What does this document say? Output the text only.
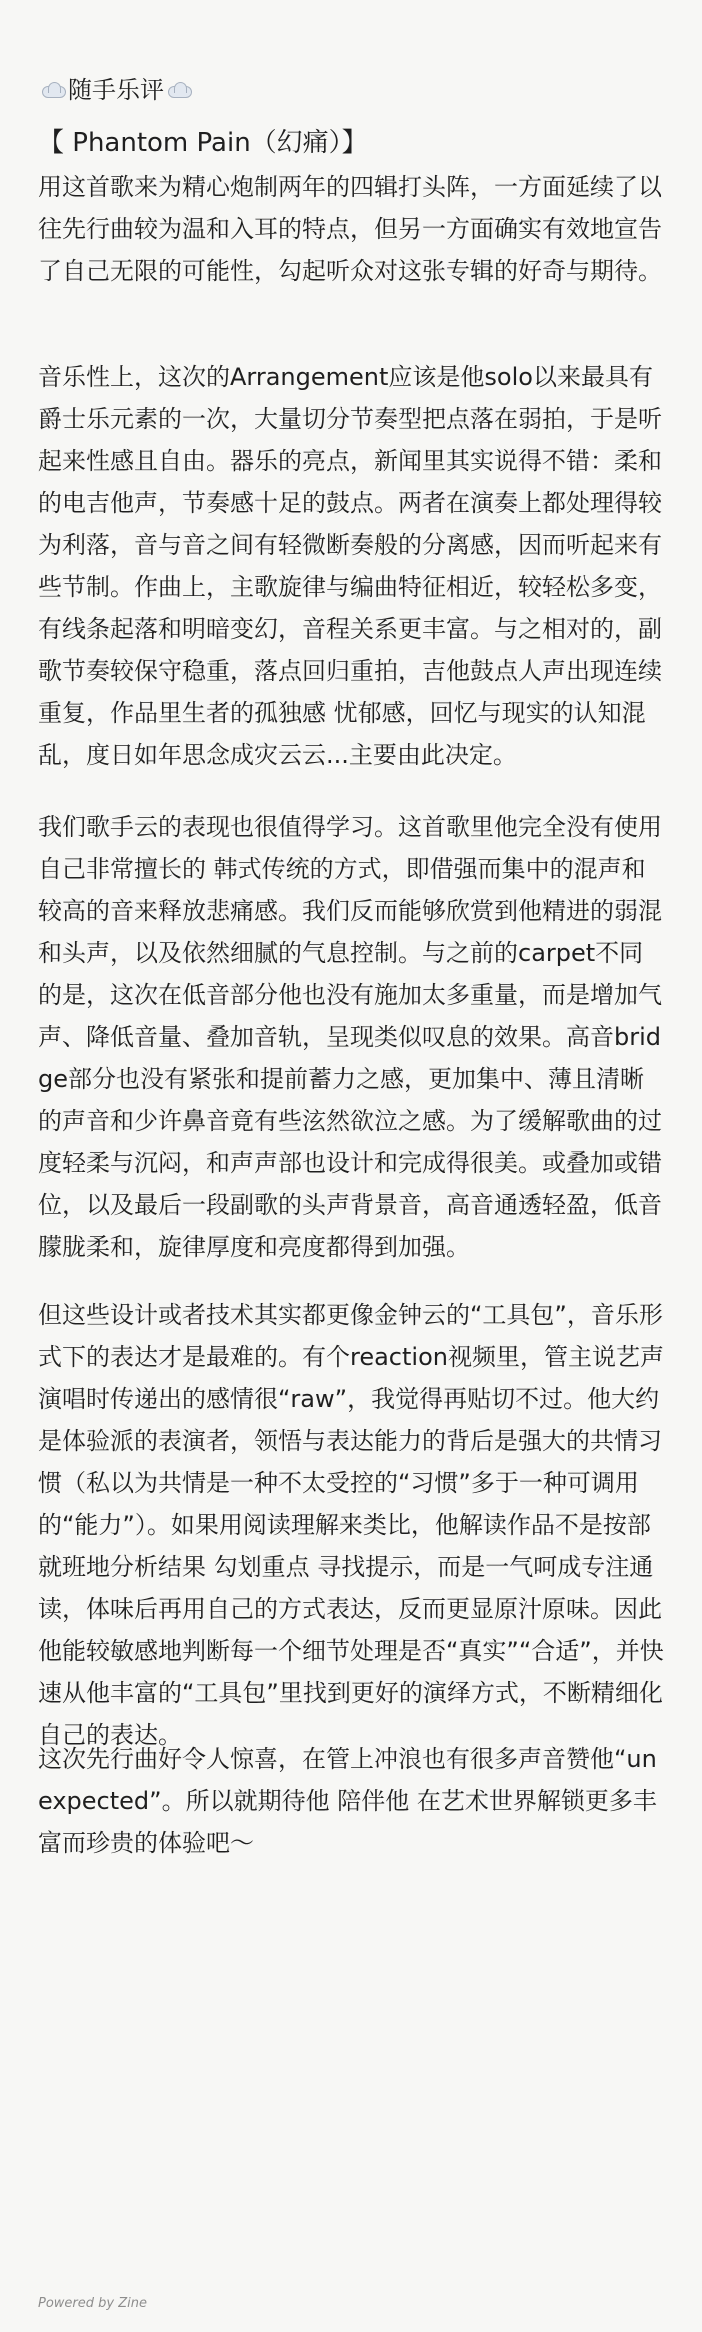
随手乐评
【 Phantom Pain（幻痛）】
用这首歌来为精心炮制两年的四辑打头阵，一方面延续了以往先行曲较为温和入耳的特点，但另一方面确实有效地宣告了自己无限的可能性，勾起听众对这张专辑的好奇与期待。
音乐性上，这次的Arrangement应该是他solo以来最具有爵士乐元素的一次，大量切分节奏型把点落在弱拍，于是听起来性感且自由。器乐的亮点，新闻里其实说得不错：柔和的电吉他声，节奏感十足的鼓点。两者在演奏上都处理得较为利落，音与音之间有轻微断奏般的分离感，因而听起来有些节制。作曲上，主歌旋律与编曲特征相近，较轻松多变，有线条起落和明暗变幻，音程关系更丰富。与之相对的，副歌节奏较保守稳重，落点回归重拍，吉他鼓点人声出现连续重复，作品里生者的孤独感 忧郁感，回忆与现实的认知混乱，度日如年思念成灾云云...主要由此决定。
我们歌手云的表现也很值得学习。这首歌里他完全没有使用自己非常擅长的 韩式传统的方式，即借强而集中的混声和较高的音来释放悲痛感。我们反而能够欣赏到他精进的弱混和头声，以及依然细腻的气息控制。与之前的carpet不同的是，这次在低音部分他也没有施加太多重量，而是增加气声、降低音量、叠加音轨，呈现类似叹息的效果。高音bridge部分也没有紧张和提前蓄力之感，更加集中、薄且清晰的声音和少许鼻音竟有些泫然欲泣之感。为了缓解歌曲的过度轻柔与沉闷，和声声部也设计和完成得很美。或叠加或错位，以及最后一段副歌的头声背景音，高音通透轻盈，低音朦胧柔和，旋律厚度和亮度都得到加强。
但这些设计或者技术其实都更像金钟云的“工具包”，音乐形式下的表达才是最难的。有个reaction视频里，管主说艺声演唱时传递出的感情很“raw”，我觉得再贴切不过。他大约是体验派的表演者，领悟与表达能力的背后是强大的共情习惯（私以为共情是一种不太受控的“习惯”多于一种可调用的“能力”）。如果用阅读理解来类比，他解读作品不是按部就班地分析结果 勾划重点 寻找提示，而是一气呵成专注通读，体味后再用自己的方式表达，反而更显原汁原味。因此他能较敏感地判断每一个细节处理是否“真实”“合适”，并快速从他丰富的“工具包”里找到更好的演绎方式，不断精细化自己的表达。
这次先行曲好令人惊喜，在管上冲浪也有很多声音赞他“unexpected”。所以就期待他 陪伴他 在艺术世界解锁更多丰富而珍贵的体验吧～
Powered by Zine
